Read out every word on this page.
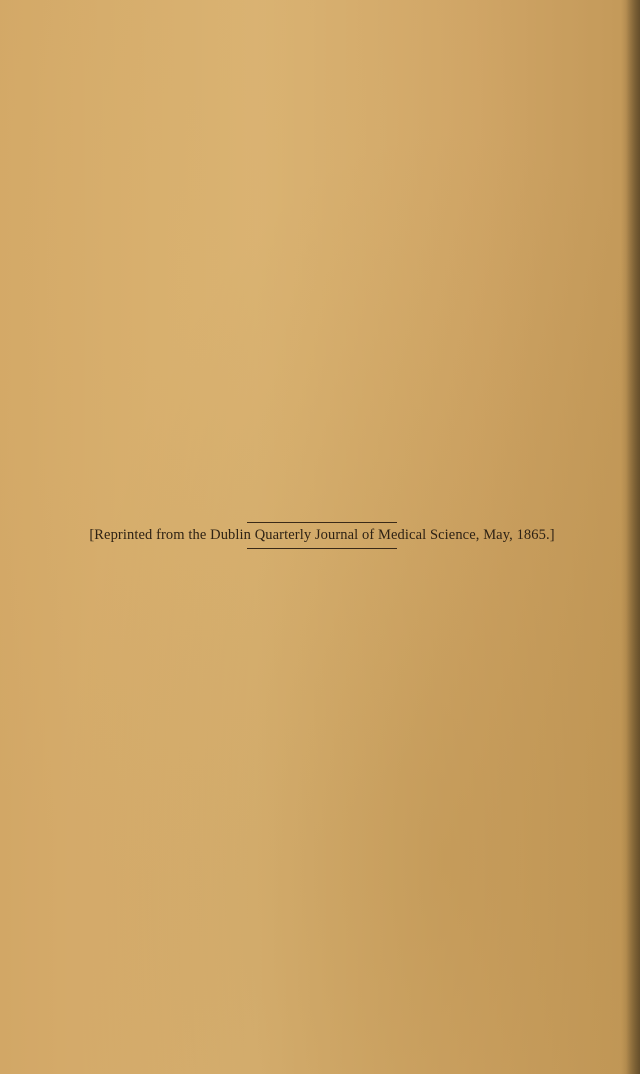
[Reprinted from the Dublin Quarterly Journal of Medical Science, May, 1865.]
